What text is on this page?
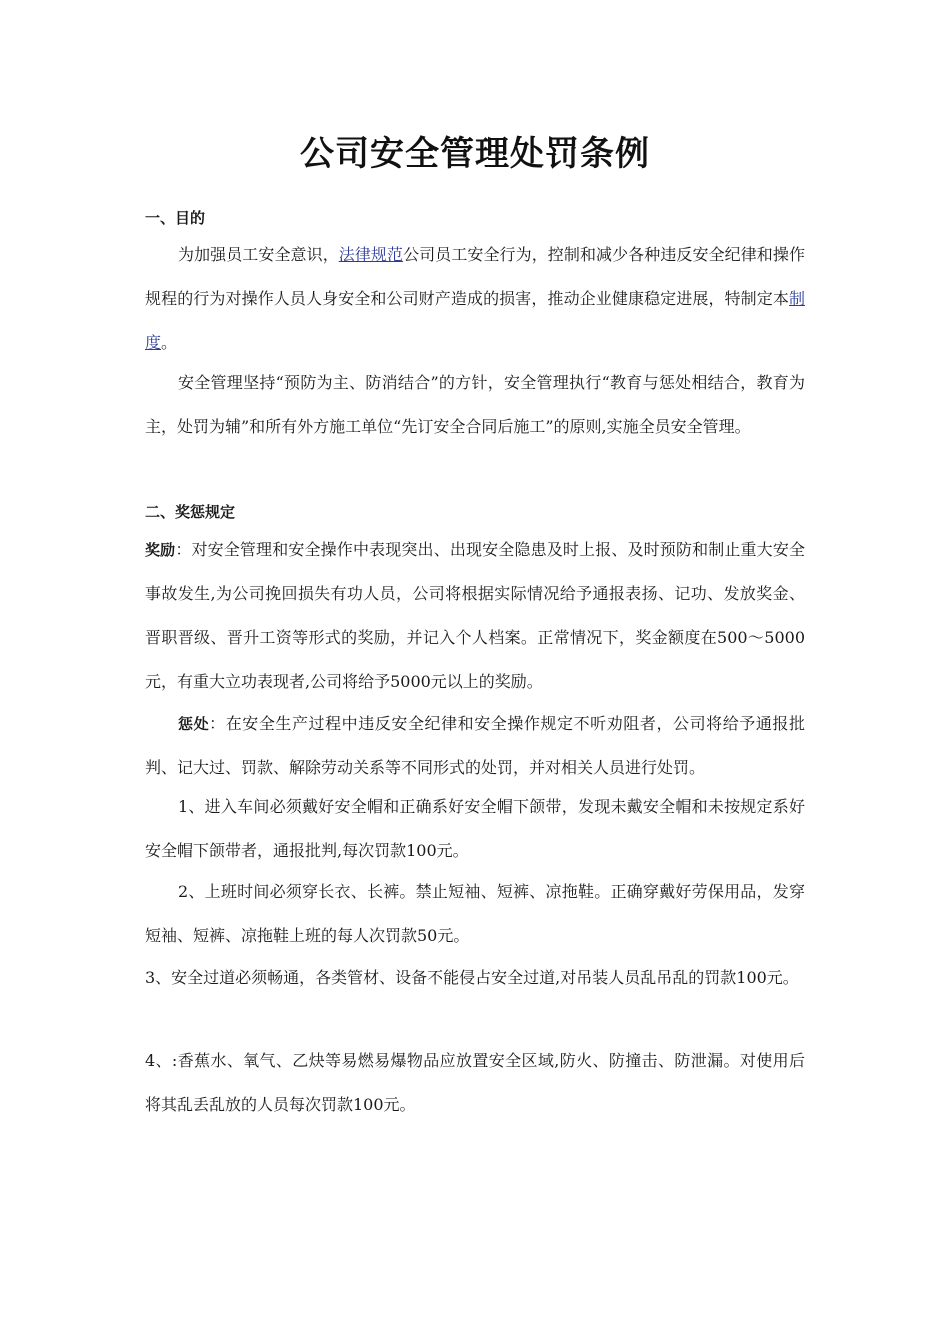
公司安全管理处罚条例
一、目的

为加强员工安全意识，法律规范公司员工安全行为，控制和减少各种违反安全纪律和操作规程的行为对操作人员人身安全和公司财产造成的损害，推动企业健康稳定进展，特制定本制度。

安全管理坚持“预防为主、防消结合”的方针，安全管理执行“教育与惩处相结合，教育为主，处罚为辅”和所有外方施工单位“先订安全合同后施工”的原则,实施全员安全管理。

二、奖惩规定

奖励：对安全管理和安全操作中表现突出、出现安全隐患及时上报、及时预防和制止重大安全事故发生,为公司挽回损失有功人员，公司将根据实际情况给予通报表扬、记功、发放奖金、晋职晋级、晋升工资等形式的奖励，并记入个人档案。正常情况下，奖金额度在500～5000元，有重大立功表现者,公司将给予5000元以上的奖励。

惩处：在安全生产过程中违反安全纪律和安全操作规定不听劝阻者，公司将给予通报批判、记大过、罚款、解除劳动关系等不同形式的处罚，并对相关人员进行处罚。

1、进入车间必须戴好安全帽和正确系好安全帽下颌带，发现未戴安全帽和未按规定系好安全帽下颌带者，通报批判,每次罚款100元。

2、上班时间必须穿长衣、长裤。禁止短袖、短裤、凉拖鞋。正确穿戴好劳保用品，发穿短袖、短裤、凉拖鞋上班的每人次罚款50元。

3、安全过道必须畅通，各类管材、设备不能侵占安全过道,对吊装人员乱吊乱的罚款100元。

4、:香蕉水、氧气、乙炔等易燃易爆物品应放置安全区域,防火、防撞击、防泄漏。对使用后将其乱丢乱放的人员每次罚款100元。
